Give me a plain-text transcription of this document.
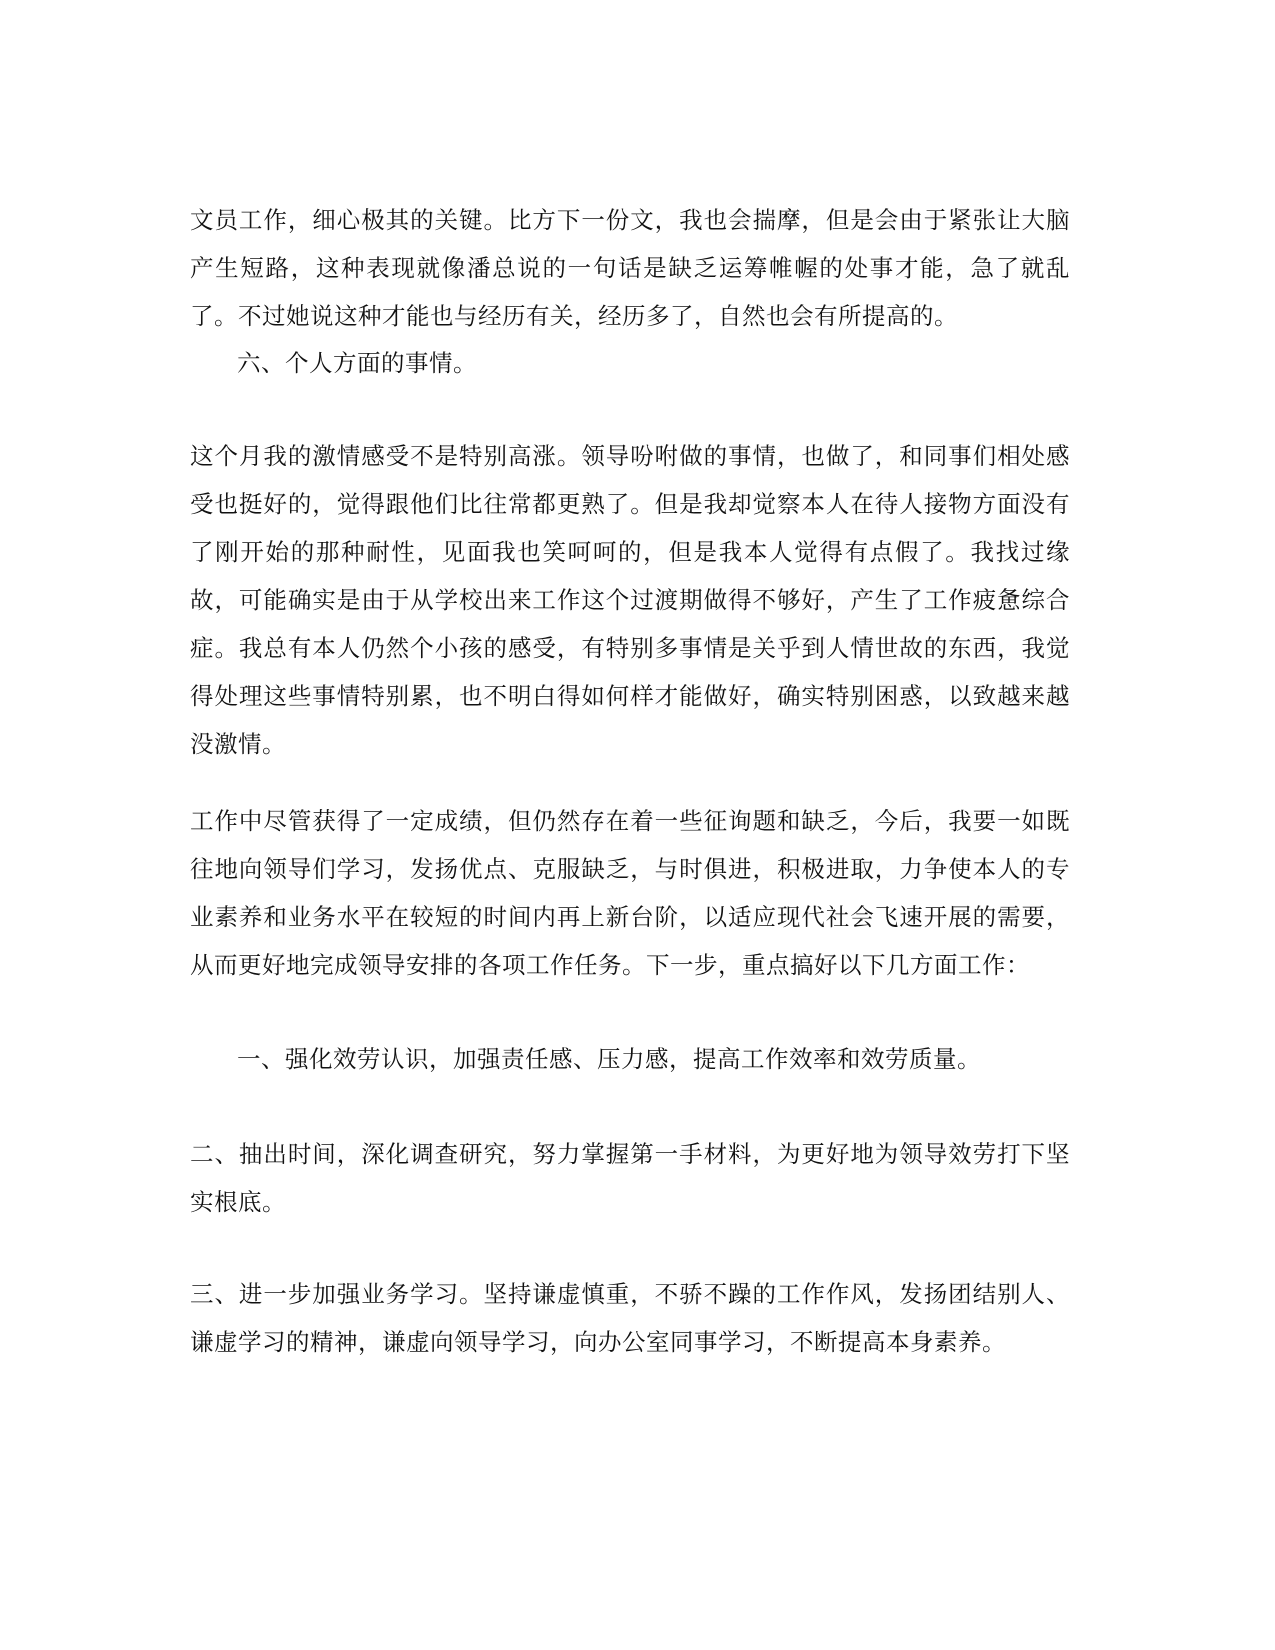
文员工作，细心极其的关键。比方下一份文，我也会揣摩，但是会由于紧张让大脑产生短路，这种表现就像潘总说的一句话是缺乏运筹帷幄的处事才能，急了就乱了。不过她说这种才能也与经历有关，经历多了，自然也会有所提高的。

六、个人方面的事情。

这个月我的激情感受不是特别高涨。领导吩咐做的事情，也做了，和同事们相处感受也挺好的，觉得跟他们比往常都更熟了。但是我却觉察本人在待人接物方面没有了刚开始的那种耐性，见面我也笑呵呵的，但是我本人觉得有点假了。我找过缘故，可能确实是由于从学校出来工作这个过渡期做得不够好，产生了工作疲惫综合症。我总有本人仍然个小孩的感受，有特别多事情是关乎到人情世故的东西，我觉得处理这些事情特别累，也不明白得如何样才能做好，确实特别困惑，以致越来越没激情。

工作中尽管获得了一定成绩，但仍然存在着一些征询题和缺乏，今后，我要一如既往地向领导们学习，发扬优点、克服缺乏，与时俱进，积极进取，力争使本人的专业素养和业务水平在较短的时间内再上新台阶，以适应现代社会飞速开展的需要，从而更好地完成领导安排的各项工作任务。下一步，重点搞好以下几方面工作：

一、强化效劳认识，加强责任感、压力感，提高工作效率和效劳质量。

二、抽出时间，深化调查研究，努力掌握第一手材料，为更好地为领导效劳打下坚实根底。

三、进一步加强业务学习。坚持谦虚慎重，不骄不躁的工作作风，发扬团结别人、谦虚学习的精神，谦虚向领导学习，向办公室同事学习，不断提高本身素养。
